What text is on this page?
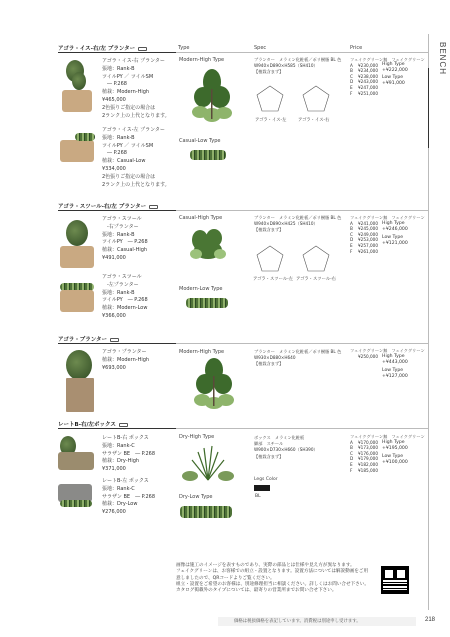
BENCH
Type	Spec	Price
アゴラ・イス-右/左 プランター
アゴラ・イス-右 プランター
張地：Rank-B
ツイルPY ／ ツイルSM
　― P.268
植栽：Modern-High
¥465,000
2色張りご指定の場合は
2ランク上の上代となります。
アゴラ・イス-左 プランター
張地：Rank-B
ツイルPY ／ ツイルSM
　― P.268
植栽：Casual-Low
¥334,000
2色張りご指定の場合は
2ランク上の上代となります。
Modern-High Type
Casual-Low Type
プランター　メラミン化粧板／ポリ樹脂 BL 色
W940×D890×H585（SH410）
【植栽含まず】
アゴラ・イス-左	アゴラ・イス-右
フェイクグリーン無　 フェイクグリーン
A	¥230,000
B	¥234,000
C	¥238,000
D	¥243,000
E	¥247,000
F	¥251,000
High Type
+¥222,000
Low Type
+¥91,000
アゴラ・スツール-右/左 プランター
アゴラ・スツール
　-右プランター
張地：Rank-B
ツイルPY　― P.268
植栽：Casual-High
¥491,000
アゴラ・スツール
　-左プランター
張地：Rank-B
ツイルPY　― P.268
植栽：Modern-Low
¥366,000
Casual-High Type
Modern-Low Type
プランター　メラミン化粧板／ポリ樹脂 BL 色
W940×D890×H425（SH410）
【植栽含まず】
アゴラ・スツール-左 アゴラ・スツール-右
フェイクグリーン無　 フェイクグリーン
A	¥241,000
B	¥245,000
C	¥249,000
D	¥253,000
E	¥257,000
F	¥261,000
High Type
+¥246,000
Low Type
+¥121,000
アゴラ・プランター
アゴラ・プランター
植栽：Modern-High
¥693,000
Modern-High Type	プランター　メラミン化粧板／ポリ樹脂 BL 色
W930×D880×H640
【植栽含まず】
フェイクグリーン無　 フェイクグリーン
¥250,000 High Type
+¥443,000
Low Type
+¥127,000
レートB-右/左ボックス
レートB-右 ボックス
張地：Rank-C
サラザン BE　― P.268
植栽：Dry-High
¥371,000
レートB-左 ボックス
張地：Rank-C
サラザン BE　― P.268
植栽：Dry-Low
¥276,000
Dry-High Type
Dry-Low Type
ボックス　メラミン化粧板
脚部　スチール
W900×D730×H660（SH390）
【植栽含まず】
Legs Color
BL
フェイクグリーン無　 フェイクグリーン
A	¥170,000
B	¥173,000
C	¥176,000
D	¥179,000
E	¥182,000
F	¥185,000
High Type
+¥195,000
Low Type
+¥100,000
画像は施工のイメージを表すものであり、実際の部品とは仕様や見え方が異なります。
フェイクグリーンは、お客様での組立・設置となります。設置方法については解説動画をご用
意しましたので、QRコードよりご覧ください。
組立・設置をご希望のお客様は、別途修理担当に相談ください。詳しくはお問い合せ下さい。
カタログ掲載外のタイプについては、最寄りの営業所までお問い合せ下さい。
価格は税抜価格を表記しています。消費税は別途申し受けます。	218
